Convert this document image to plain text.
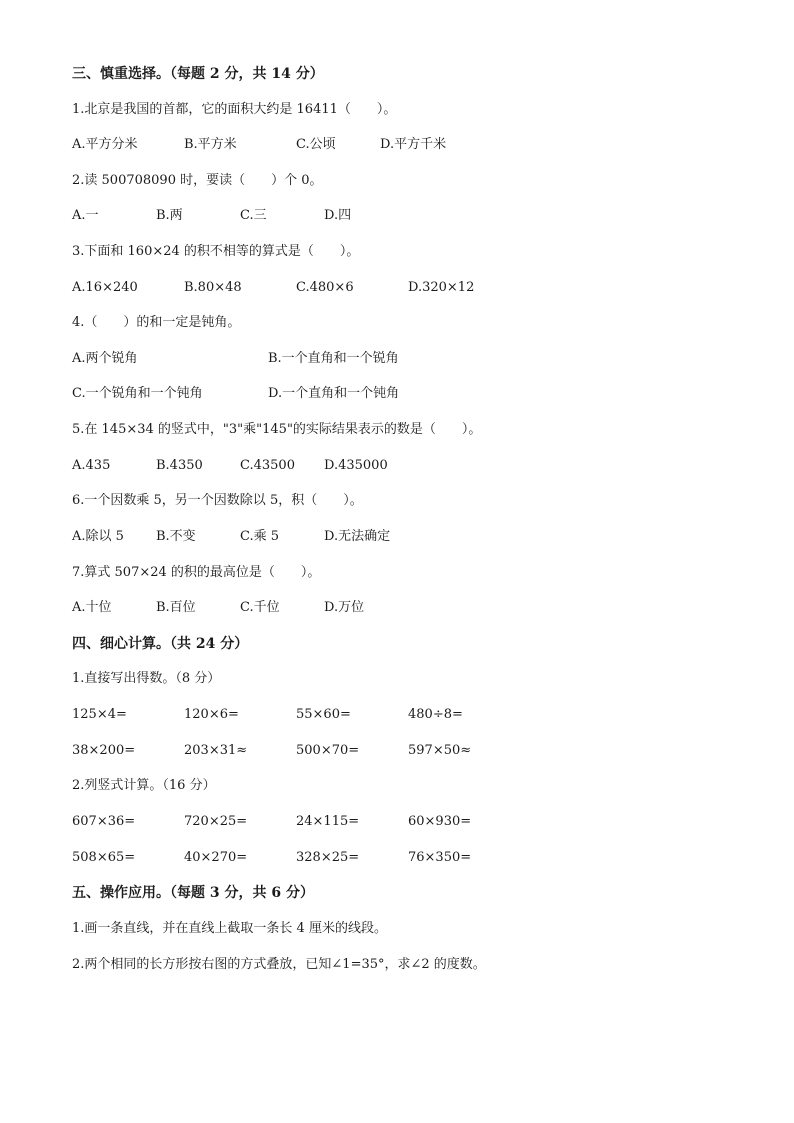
三、慎重选择。（每题 2 分，共 14 分）
1.北京是我国的首都，它的面积大约是 16411（　　）。
A.平方分米	B.平方米	C.公顷	D.平方千米
2.读 500708090 时，要读（　　）个 0。
A.一	B.两	C.三	D.四
3.下面和 160×24 的积不相等的算式是（　　）。
A.16×240	B.80×48	C.480×6	D.320×12
4.（　　）的和一定是钝角。
A.两个锐角	B.一个直角和一个锐角
C.一个锐角和一个钝角	D.一个直角和一个钝角
5.在 145×34 的竖式中，"3"乘"145"的实际结果表示的数是（　　）。
A.435	B.4350	C.43500 D.435000
6.一个因数乘 5，另一个因数除以 5，积（　　）。
A.除以 5 B.不变	C.乘 5	D.无法确定
7.算式 507×24 的积的最高位是（　　）。
A.十位	B.百位	C.千位	D.万位
四、细心计算。（共 24 分）
1.直接写出得数。（8 分）
125×4=	120×6=	55×60=	480÷8=
38×200=	203×31≈	500×70=	597×50≈
2.列竖式计算。（16 分）
607×36=	720×25=	24×115=	60×930=
508×65=	40×270=	328×25=	76×350=
五、操作应用。（每题 3 分，共 6 分）
1.画一条直线，并在直线上截取一条长 4 厘米的线段。
2.两个相同的长方形按右图的方式叠放，已知∠1=35°，求∠2 的度数。
